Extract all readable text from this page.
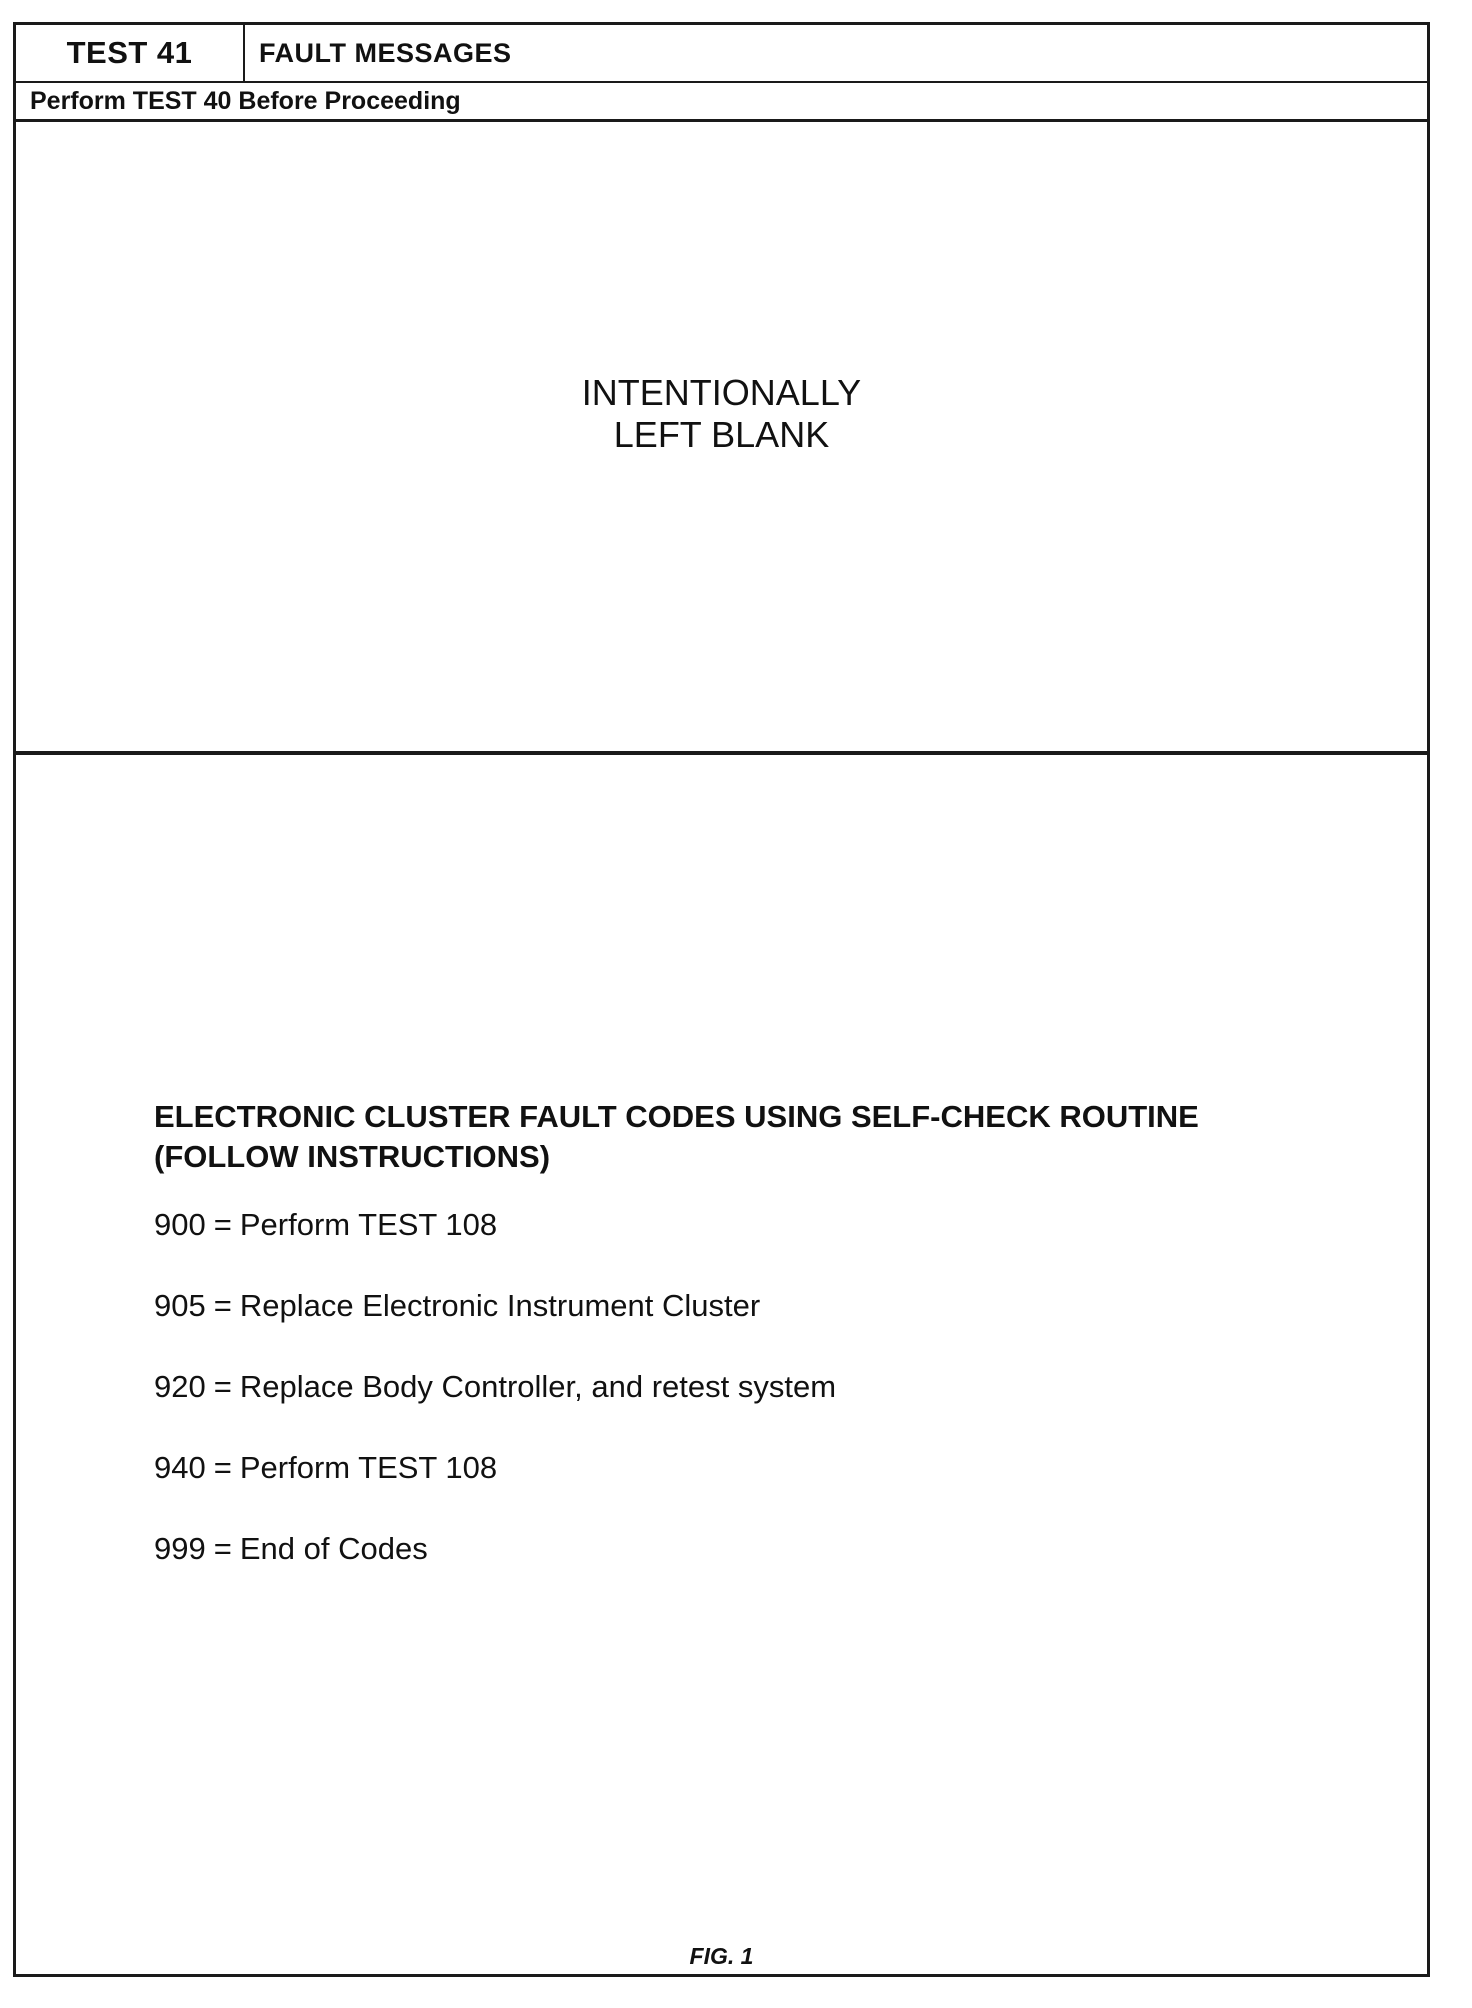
TEST 41	FAULT MESSAGES
Perform TEST 40 Before Proceeding
INTENTIONALLY
LEFT BLANK
ELECTRONIC CLUSTER FAULT CODES USING SELF-CHECK ROUTINE
(FOLLOW INSTRUCTIONS)
900 = Perform TEST 108
905 = Replace Electronic Instrument Cluster
920 = Replace Body Controller, and retest system
940 = Perform TEST 108
999 = End of Codes
FIG. 1
